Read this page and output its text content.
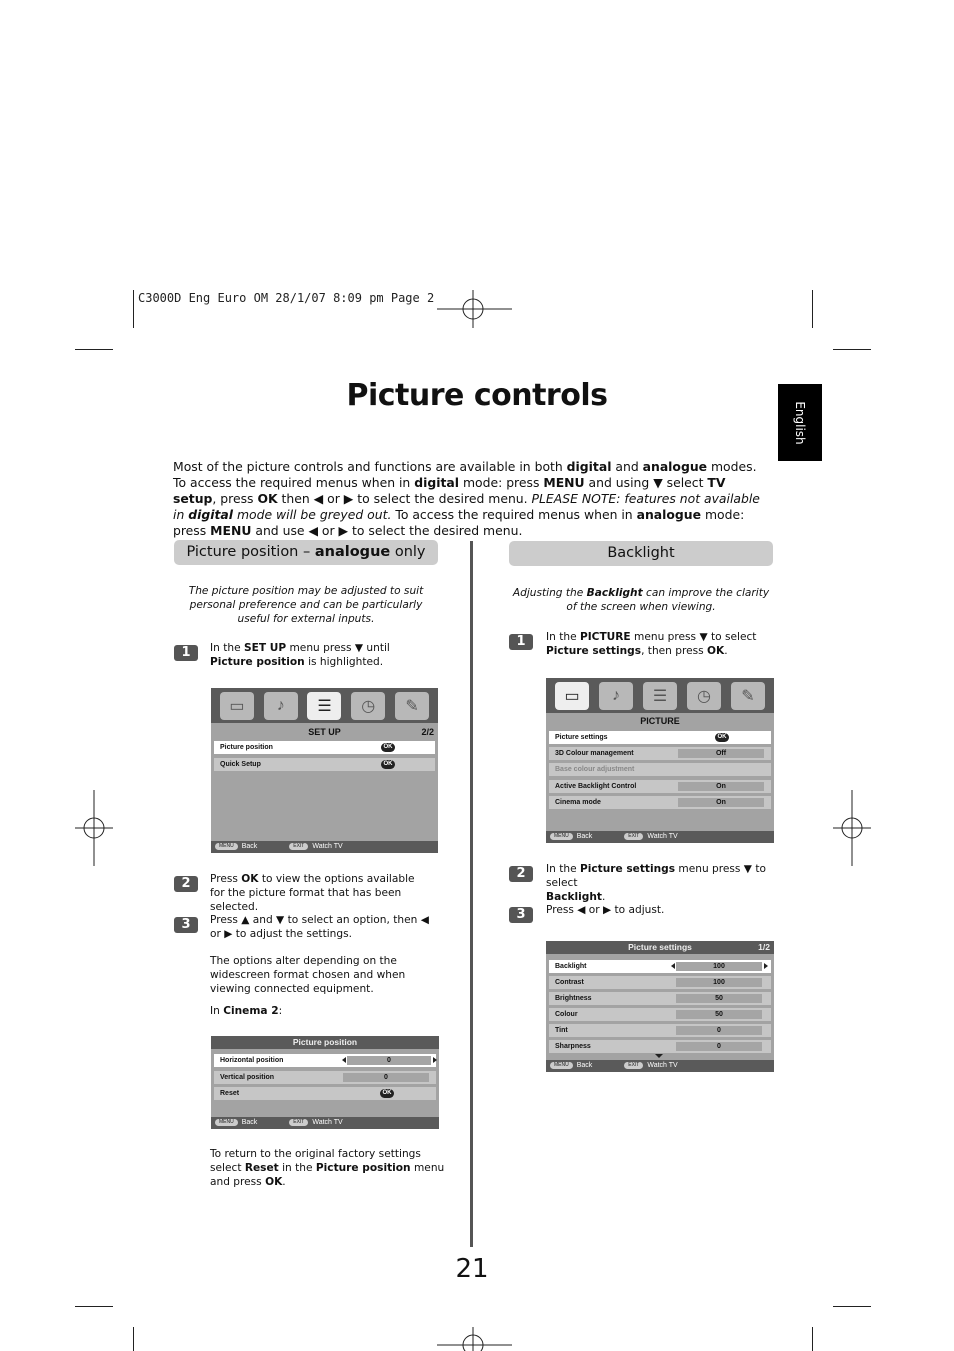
C3000D Eng Euro OM 28/1/07 8:09 pm Page 2
Picture controls
English
Most of the picture controls and functions are available in both digital and analogue modes. To access the required menus when in digital mode: press MENU and using ▼ select TV setup, press OK then ◀ or ▶ to select the desired menu. PLEASE NOTE: features not available in digital mode will be greyed out. To access the required menus when in analogue mode: press MENU and use ◀ or ▶ to select the desired menu.
Picture position – analogue only
The picture position may be adjusted to suit personal preference and can be particularly useful for external inputs.
1	In the SET UP menu press ▼ until
Picture position is highlighted.
▭	♪	☰	◷	✎
SET UP	2/2
Picture position	OK
Quick Setup	OK
MENU Back	EXIT Watch TV
2	Press OK to view the options available for the picture format that has been selected.
3	Press ▲ and ▼ to select an option, then ◀ or ▶ to adjust the settings.
The options alter depending on the widescreen format chosen and when viewing connected equipment.
In Cinema 2:
Picture position
Horizontal position	0
Vertical position	0
Reset	OK
MENU Back	EXIT Watch TV
To return to the original factory settings select Reset in the Picture position menu and press OK.
Backlight
Adjusting the Backlight can improve the clarity of the screen when viewing.
1	In the PICTURE menu press ▼ to select
Picture settings, then press OK.
▭	♪	☰	◷	✎
PICTURE
Picture settings	OK
3D Colour management	Off
Base colour adjustment
Active Backlight Control	On
Cinema mode	On
MENU Back	EXIT Watch TV
2	In the Picture settings menu press ▼ to select
Backlight.
3	Press ◀ or ▶ to adjust.
Picture settings	1/2
Backlight	100
Contrast	100
Brightness	50
Colour	50
Tint	0
Sharpness	0
MENU Back	EXIT Watch TV
21
